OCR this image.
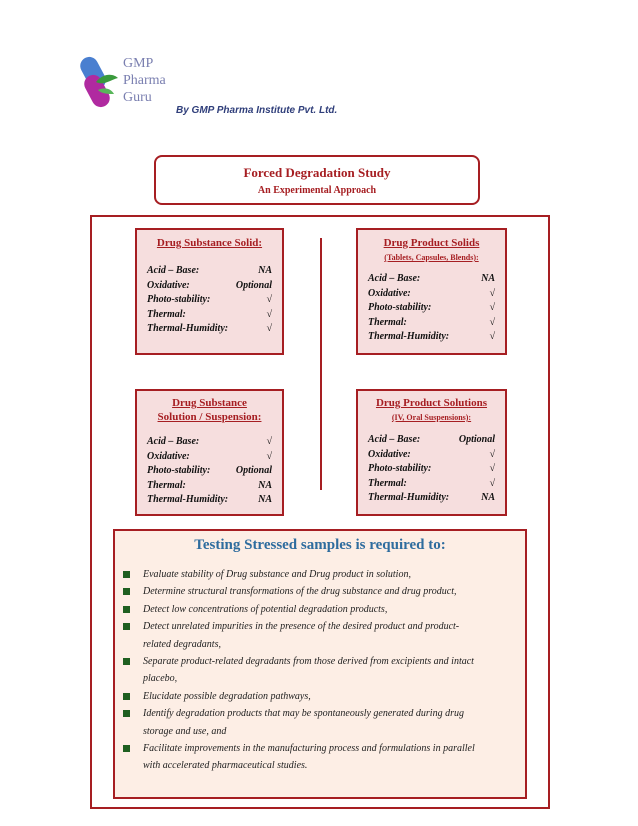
GMP
Pharma
Guru
By GMP Pharma Institute Pvt. Ltd.
Forced Degradation Study
An Experimental Approach
Drug Substance Solid:
Acid – Base:	NA
Oxidative:	Optional
Photo-stability:	√
Thermal:	√
Thermal-Humidity:	√
Drug Product Solids
(Tablets, Capsules, Blends):
Acid – Base:	NA
Oxidative:	√
Photo-stability:	√
Thermal:	√
Thermal-Humidity:	√
Drug Substance
Solution / Suspension:
Acid – Base:	√
Oxidative:	√
Photo-stability:	Optional
Thermal:	NA
Thermal-Humidity:	NA
Drug Product Solutions
(IV, Oral Suspensions):
Acid – Base:	Optional
Oxidative:	√
Photo-stability:	√
Thermal:	√
Thermal-Humidity:	NA
Testing Stressed samples is required to:
Evaluate stability of Drug substance and Drug product in solution,
Determine structural transformations of the drug substance and drug product,
Detect low concentrations of potential degradation products,
Detect unrelated impurities in the presence of the desired product and product-
related degradants,
Separate product-related degradants from those derived from excipients and intact
placebo,
Elucidate possible degradation pathways,
Identify degradation products that may be spontaneously generated during drug
storage and use, and
Facilitate improvements in the manufacturing process and formulations in parallel
with accelerated pharmaceutical studies.
